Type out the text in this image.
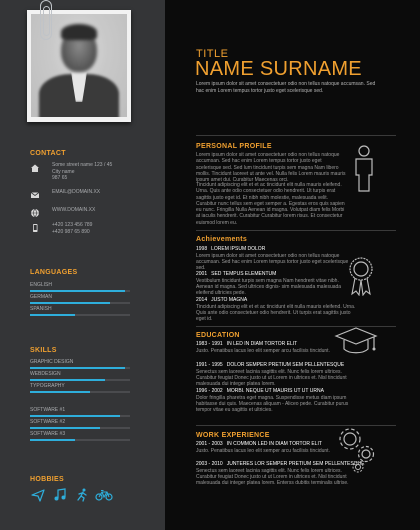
CONTACT
Some street name 123 / 45
City name
987 65
EMAIL@DOMAIN.XX
WWW.DOMAIN.XX
+420 123 456 789
+420 987 65 890
LANGUAGES
ENGLISH
GERMAN
SPANISH
SKILLS
GRAPHIC DESIGN
WEBDESIGN
TYPOGRAPHY
SOFTWARE #1
SOFTWARE #2
SOFTWARE #3
HOBBIES
TITLE
NAME SURNAME
Lorem ipsum dolor sit amet consectetuer odio non tellus natoque accumsan. Sed hac enim Lorem tempus tortor justo eget scelerisque sed.
PERSONAL PROFILE
Lorem ipsum dolor sit amet consectetuer odio non tellus natoque accumsan. Sed hac enim Lorem tempus tortor justo eget scelerisque sed. Sed lum tincidunt turpis sem magna Nam libero mollis. Tincidunt laoreet ut ante vel. Nulla felis Lorem mauris mauris ipsum amet dui. Curabitur Maecenas orci.
Tincidunt adipiscing elit et et ac tincidunt elit nulla mauris eleifend. Urna. Quis ante odio consectetuer odio hendrerit. Ut turpis erat sagittis justo eget id. Et nibh nibh molestie, malesuada velit. Curabitur nunc tellus sem eget semper a. Egestas eros quis sapien eu nunc. Fringilla Nulla Aenean id magna. Volutpat diam felis Morbi at iaculis hendrerit. Curabitur Curabitur lorem risus. Et consectetur euismod lorem eu.
Achievements
1998 LOREM IPSUM DOLOR
Lorem ipsum dolor sit amet consectetuer odio non tellus natoque accumsan. Sed hac enim Lorem tempus tortor justo eget scelerisque sed.
2001 SED TEMPUS ELEMENTUM
Vestibulum tincidunt turpis sem magna Nam hendrerit vitae nibh. Aenean id magna. Sed ultrices dignis- sim malesuada malesuada eleifend ultricies pede.
2014 JUSTO MAGNA
Tincidunt adipiscing elit et et ac tincidunt elit nulla mauris eleifend. Urna. Quis ante odio consectetuer odio hendrerit. Ut turpis erat sagittis justo eget id.
EDUCATION
1983 - 1991 IN LED IN DIAM TORTOR ELIT
Justo. Penatibus lacus leo elit semper arcu facilisis tincidunt.
1991 - 1995 DOLOR SEMPER PRETIUM SEM PELLENTESQUE
Senectus sem laoreet lacinia sagittis elit. Nunc felis lorem ultrices. Curabitur feugiat Donec justo ut ut Lorem in ultrices et. Nisl tincidunt malesuada dui integer platea lorem.
1996 - 2002 MORBI. NEQUE UT MAURIS UT UT URNA
Dolor fringilla pharetra eget magna. Suspendisse metus diam ipsum habitasse dui quis. Maecenas aliquam - Aliceo pede. Curabitur purus tempor vitae eu sagittis et ultricies.
WORK EXPERIENCE
2001 - 2003 IN COMMON LED IN DIAM TORTOR ELIT
Justo. Penatibus lacus leo elit semper arcu facilisis tincidunt.
2003 - 2010 JUNTERES LOR SEMPER PRETIUM SEM PELLENTESQUE
Senectus sem laoreet lacinia sagittis elit. Nunc felis lorem ultrices. Curabitur feugiat Donec justo ut ut Lorem in ultrices et. Nisl tincidunt malesuada dui integer platea lorem. Enterss dubitis terminalis ultrise.
